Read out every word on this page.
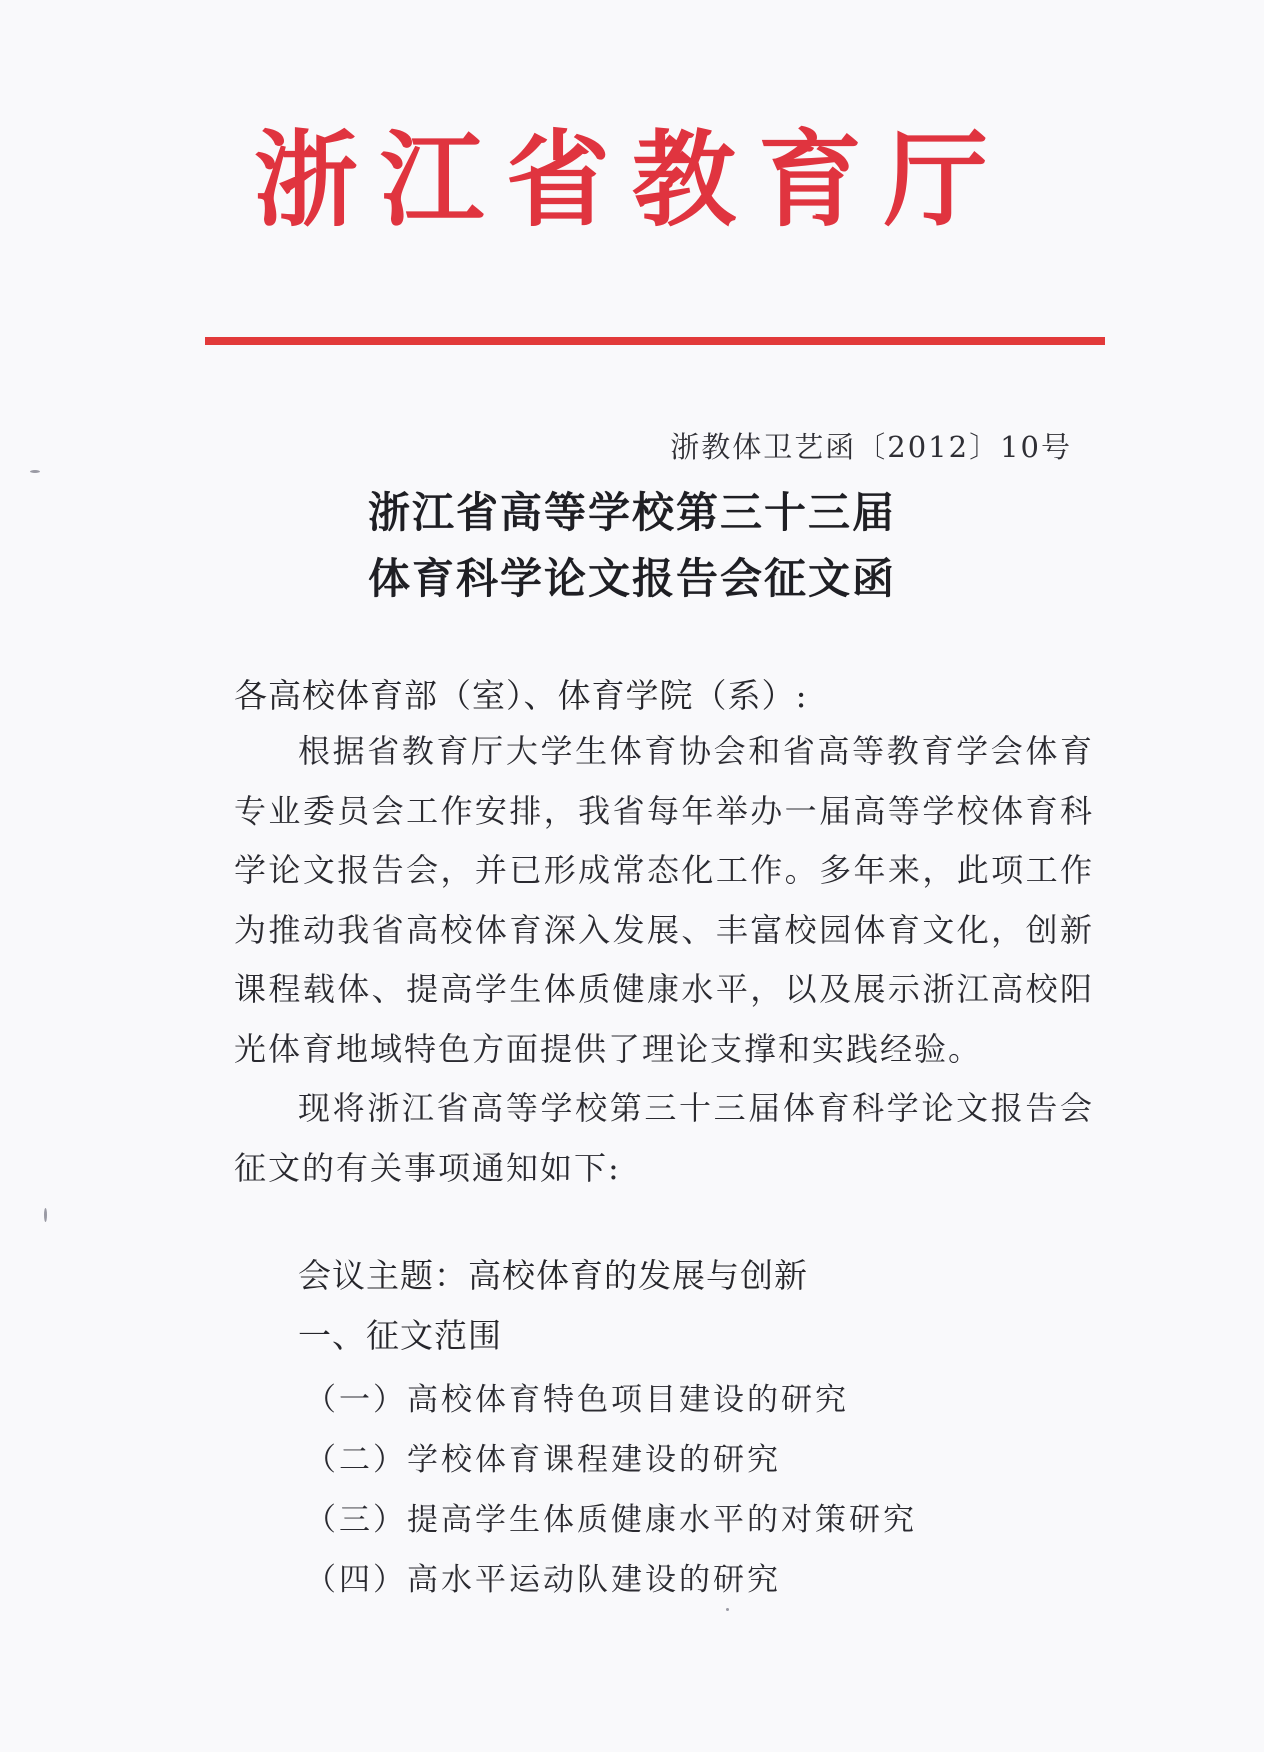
浙江省教育厅
浙教体卫艺函〔2012〕10号
浙江省高等学校第三十三届
体育科学论文报告会征文函
各高校体育部（室）、体育学院（系）:

根据省教育厅大学生体育协会和省高等教育学会体育专业委员会工作安排，我省每年举办一届高等学校体育科学论文报告会，并已形成常态化工作。多年来，此项工作为推动我省高校体育深入发展、丰富校园体育文化，创新课程载体、提高学生体质健康水平，以及展示浙江高校阳光体育地域特色方面提供了理论支撑和实践经验。

现将浙江省高等学校第三十三届体育科学论文报告会征文的有关事项通知如下:

会议主题：高校体育的发展与创新
一、征文范围
（一）高校体育特色项目建设的研究
（二）学校体育课程建设的研究
（三）提高学生体质健康水平的对策研究
（四）高水平运动队建设的研究
